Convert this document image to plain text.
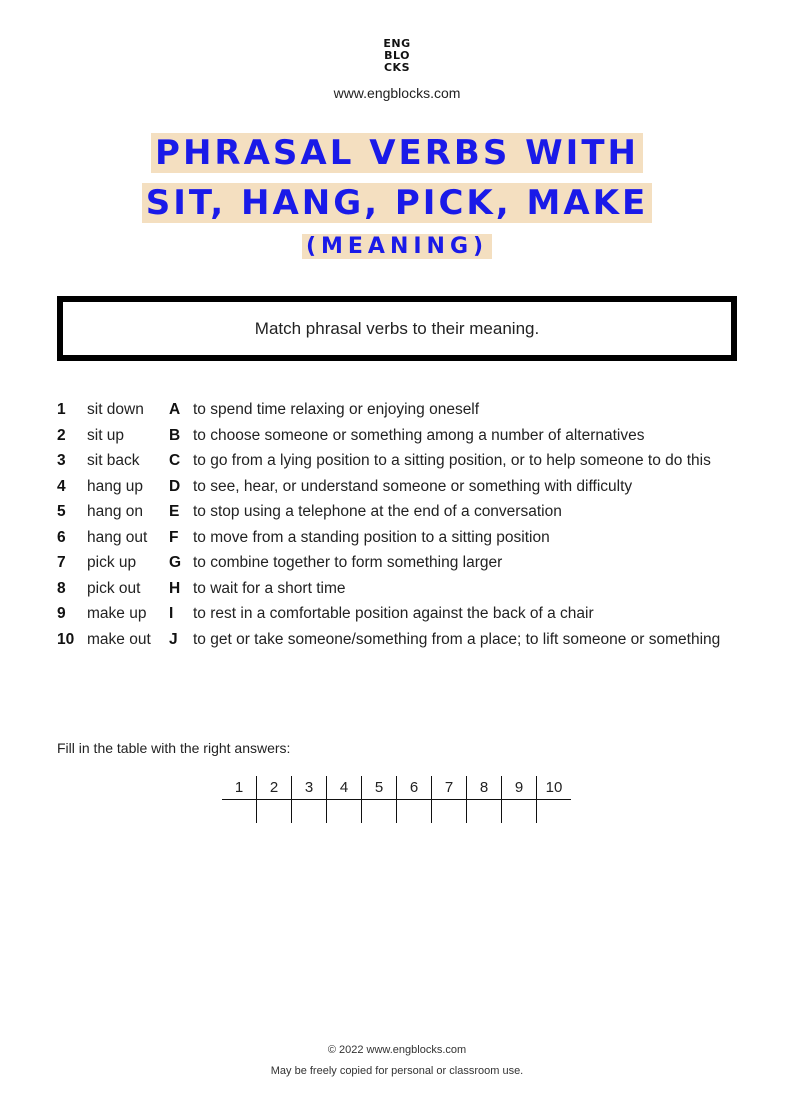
ENG
BLO
CKS
www.engblocks.com
PHRASAL VERBS WITH
SIT, HANG, PICK, MAKE
(MEANING)
Match phrasal verbs to their meaning.
1	sit down	A to spend time relaxing or enjoying oneself
2	sit up	B to choose someone or something among a number of alternatives
3	sit back	C to go from a lying position to a sitting position, or to help someone to do this
4	hang up	D to see, hear, or understand someone or something with difficulty
5	hang on	E to stop using a telephone at the end of a conversation
6	hang out	F to move from a standing position to a sitting position
7	pick up	G to combine together to form something larger
8	pick out	H to wait for a short time
9	make up	I	to rest in a comfortable position against the back of a chair
10 make out	J to get or take someone/something from a place; to lift someone or something
Fill in the table with the right answers:
1	2	3	4	5	6	7	8	9	10

© 2022 www.engblocks.com
May be freely copied for personal or classroom use.
